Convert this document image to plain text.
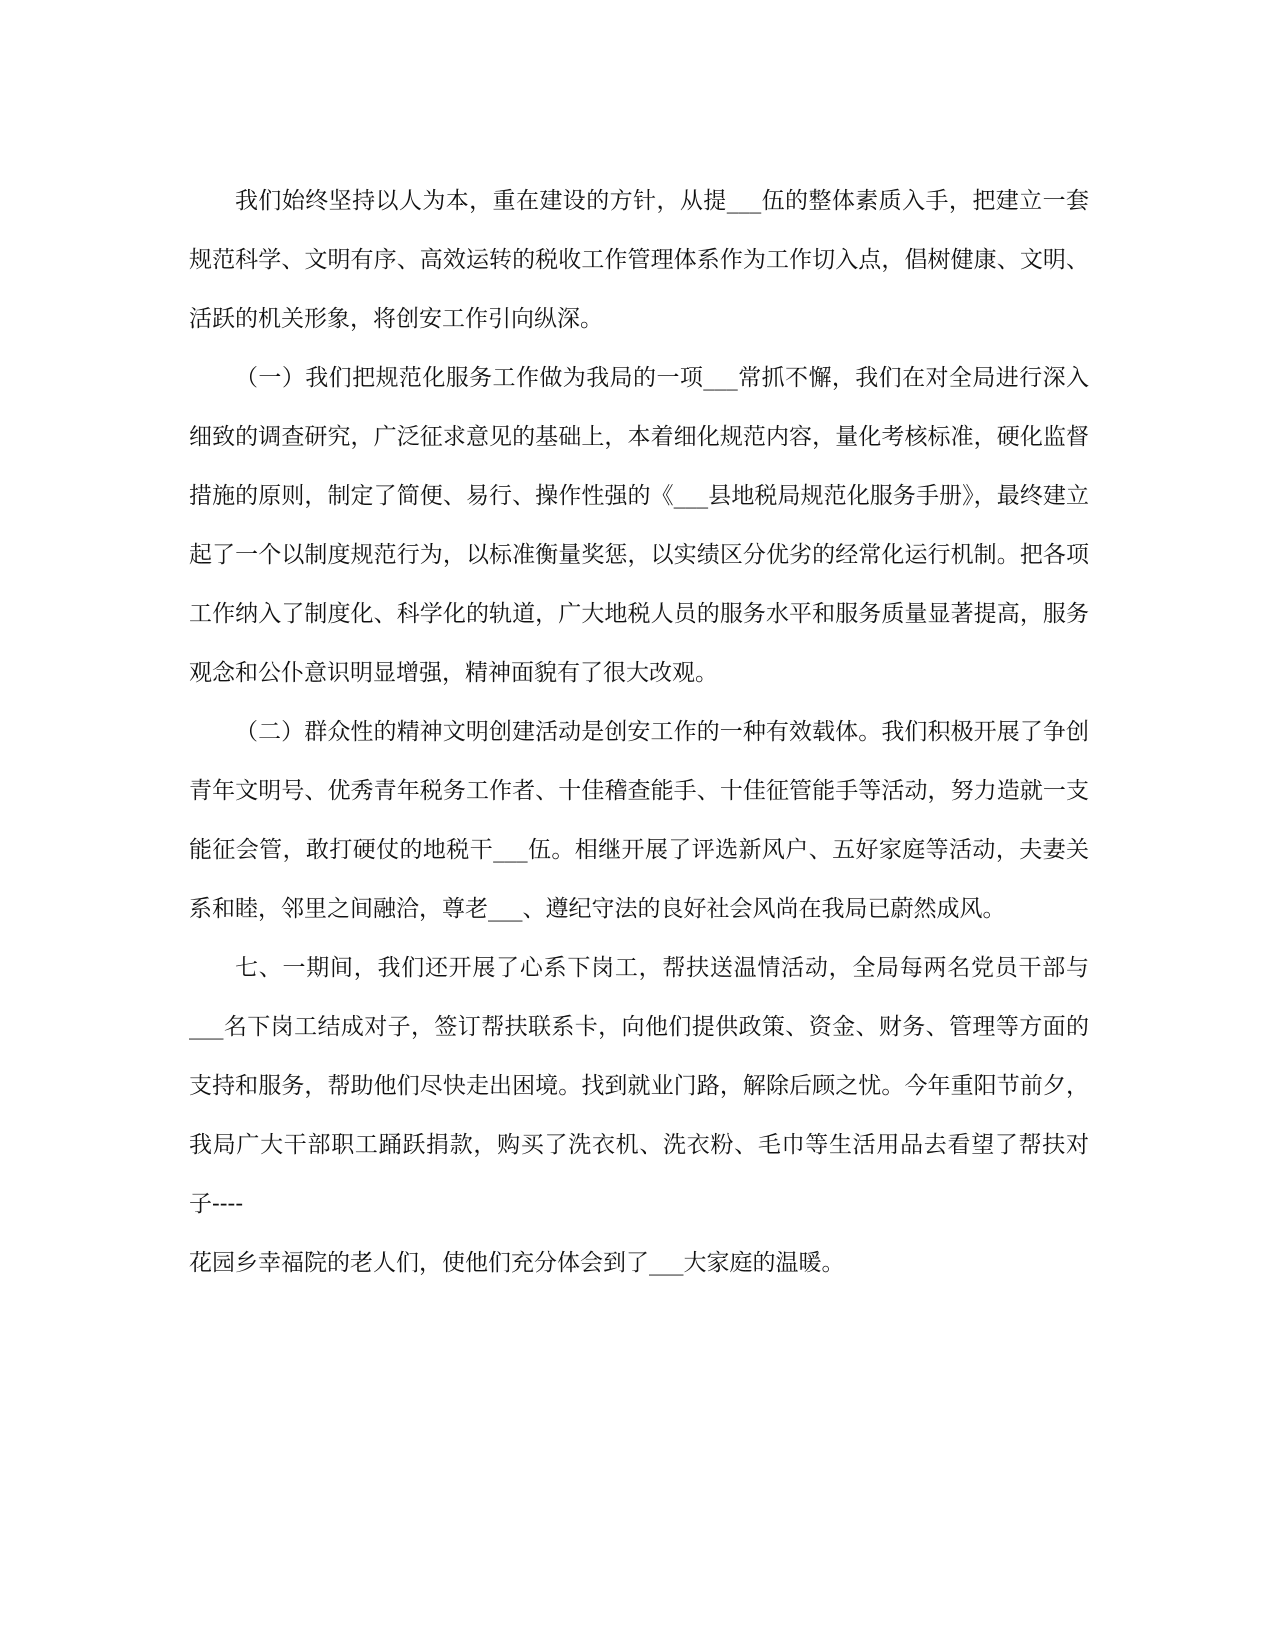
我们始终坚持以人为本，重在建设的方针，从提___伍的整体素质入手，把建立一套规范科学、文明有序、高效运转的税收工作管理体系作为工作切入点，倡树健康、文明、活跃的机关形象，将创安工作引向纵深。

（一）我们把规范化服务工作做为我局的一项___常抓不懈，我们在对全局进行深入细致的调查研究，广泛征求意见的基础上，本着细化规范内容，量化考核标准，硬化监督措施的原则，制定了简便、易行、操作性强的《___县地税局规范化服务手册》，最终建立起了一个以制度规范行为，以标准衡量奖惩，以实绩区分优劣的经常化运行机制。把各项工作纳入了制度化、科学化的轨道，广大地税人员的服务水平和服务质量显著提高，服务观念和公仆意识明显增强，精神面貌有了很大改观。

（二）群众性的精神文明创建活动是创安工作的一种有效载体。我们积极开展了争创青年文明号、优秀青年税务工作者、十佳稽查能手、十佳征管能手等活动，努力造就一支能征会管，敢打硬仗的地税干___伍。相继开展了评选新风户、五好家庭等活动，夫妻关系和睦，邻里之间融洽，尊老___、遵纪守法的良好社会风尚在我局已蔚然成风。

七、一期间，我们还开展了心系下岗工，帮扶送温情活动，全局每两名党员干部与___名下岗工结成对子，签订帮扶联系卡，向他们提供政策、资金、财务、管理等方面的支持和服务，帮助他们尽快走出困境。找到就业门路，解除后顾之忧。今年重阳节前夕，我局广大干部职工踊跃捐款，购买了洗衣机、洗衣粉、毛巾等生活用品去看望了帮扶对子----

花园乡幸福院的老人们，使他们充分体会到了___大家庭的温暖。
